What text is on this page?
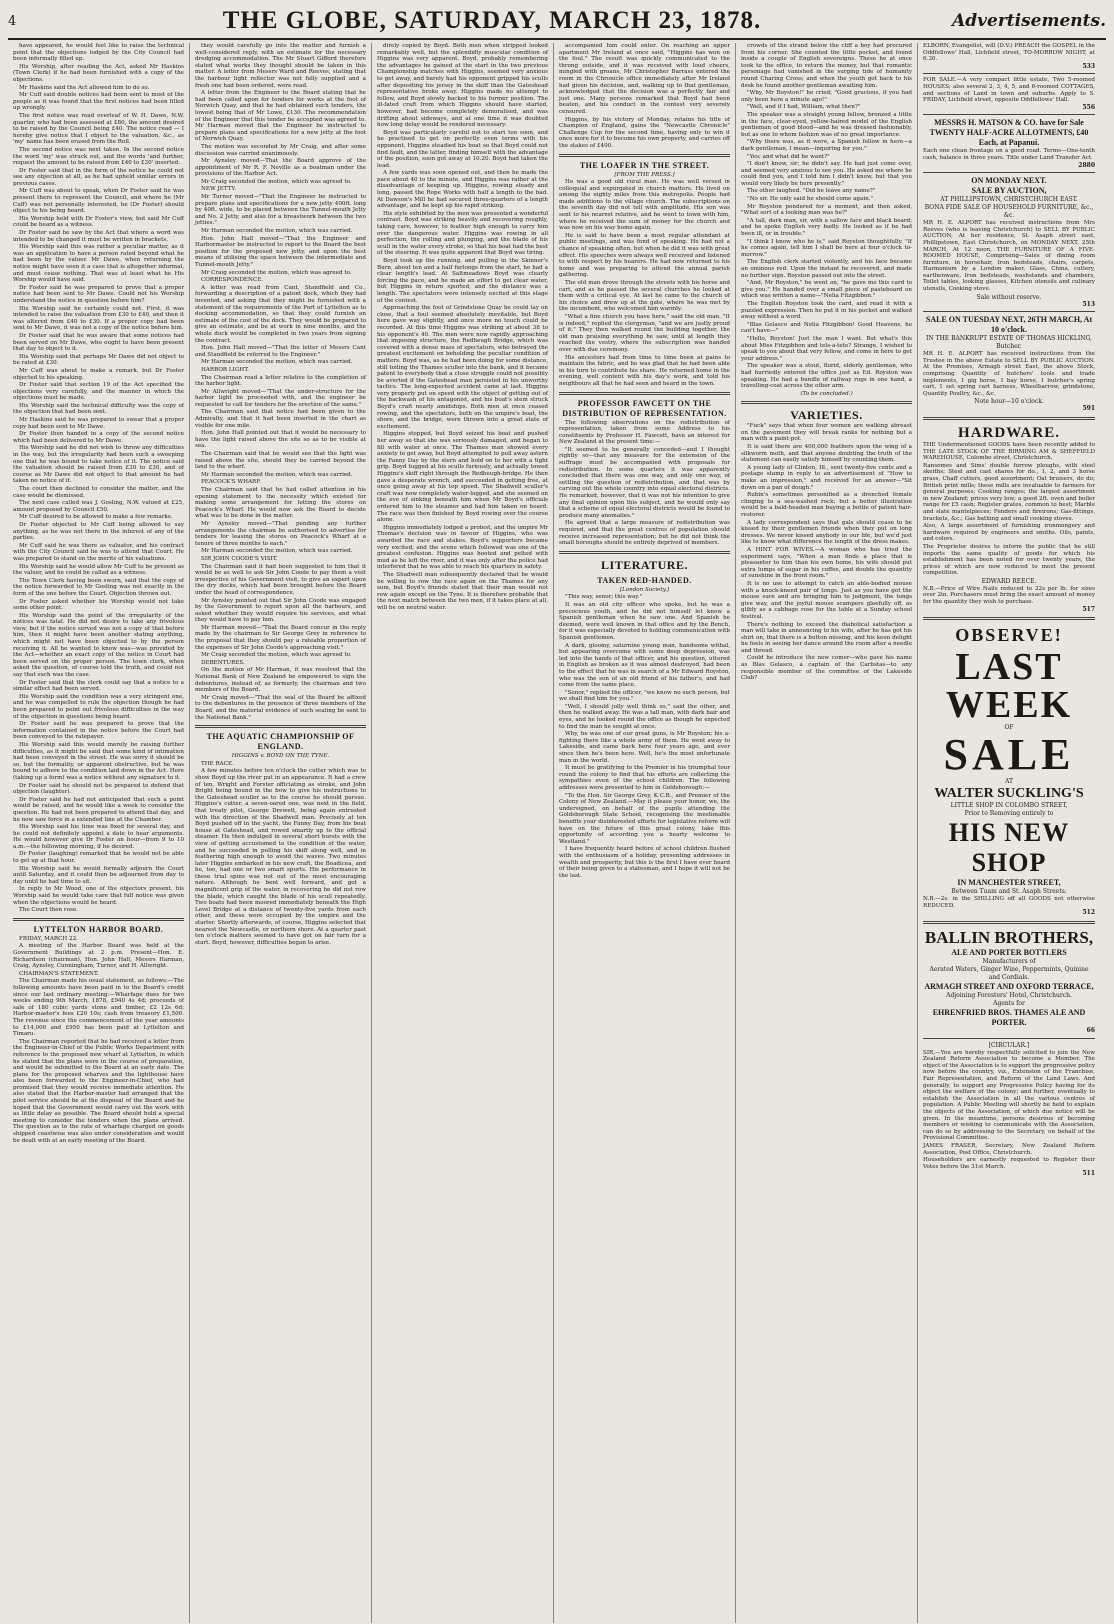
4	THE GLOBE, SATURDAY, MARCH 23, 1878.	Advertisements.

have appeared, he would feel like to raise the technical point that the objections lodged by the City Council had been informally filled up.

His Worship, after reading the Act, asked Mr Haskins (Town Clerk) if he had been furnished with a copy of the objections.

Mr Haskins said the Act allowed him to do so.

Mr Cuff said double notices had been sent to most of the people as it was found that the first notices had been filled up wrongly.

The first notice was read overleaf of W. H. Dawe, N.W. quarter, who had been assessed at £80, the amount desired to be raised by the Council being £40. The notice read — I hereby give notice that I object to the valuation, &c., as 'my' name has been erased from the Roll.

The second notice was next taken. In the second notice the word 'my' was struck out, and the words 'and further, request the amount to be raised from £40 to £30' inserted.

Dr Foster said that in the form of the notice he could not see any objection at all, as he had upheld similar errors in previous cases.

Mr Cuff was about to speak, when Dr Foster said he was present there to represent the Council, and where he (Mr Cuff) was not personally interested, he (Dr Foster) should object to his being heard.

His Worship held with Dr Foster's view, but said Mr Cuff could be heard as a witness.

Dr Foster said he saw by the Act that where a word was intended to be changed it must be written in brackets.

His Worship said this was rather a peculiar matter, as it was an application to have a person rated beyond what he had been by the valuer. Mr Dawe, when returning the notice might have seen it a case that is altogether informal, and must cease nothing. That was at least what he His Worship would have said.

Dr Foster said he was prepared to prove that a proper notice had been sent to Mr Dawe. Could not his Worship understand the notice in question before him?

His Worship said he certainly could not. First, it was intended to raise the valuation from £30 to £40, and then it was altered from £40 to £30. If a proper copy had been sent to Mr Dawe, it was not a copy of the notice before him.

Dr Foster said that he was aware that some notices had been served on Mr Dawe, who ought to have been present that day to object to it.

His Worship said that perhaps Mr Dawe did not object to be rated at £30.

Mr Cuff was about to make a remark, but Dr Foster objected to his speaking.

Dr Foster said that section 19 of the Act specified the objections very carefully, and the manner in which the objections must be made.

His Worship said the technical difficulty was the copy of the objection that had been sent.

Mr Haskins said he was prepared to swear that a proper copy had been sent to Mr Dawe.

Dr Foster then handed in a copy of the second notice which had been delivered to Mr Dawe.

His Worship said he did not wish to throw any difficulties in the way, but the irregularity had been such a sweeping one that he was bound to take notice of it. The notice said the valuation should be raised from £30 to £30, and of course as Mr Dawe did not object to that amount he had taken no notice of it.

The court then declined to consider the matter, and the case would be dismissed.

The next case called was J. Gosling, N.W. valued at £25, amount proposed by Council £50.

Mr Cuff desired to be allowed to make a few remarks.

Dr Foster objected to Mr Cuff being allowed to say anything, as he was not there in the interest of any of the parties.

Mr Cuff said he was there as valuator, and his contract with the City Council said he was to attend that Court. He was prepared to stand on the merits of his valuations.

His Worship said he would allow Mr Cuff to be present as the valuer, and he could be called as a witness.

The Town Clerk having been sworn, said that the copy of the notice forwarded to Mr Gosling was not exactly in the form of the one before the Court. Objection thrown out.

Dr Foster asked whether his Worship would not take some other point.

His Worship said the point of the irregularity of the notices was fatal. He did not desire to take any frivolous view, but if the notice served was not a copy of that before him, then it might have been another stating anything, which might not have been objected to by the person receiving it. All he wanted to know was—was provided by the Act—whether an exact copy of the notice in Court had been served on the proper person. The town clerk, when asked the question, of course told the truth, and could not say that such was the case.

Dr Foster said that the clerk could say that a notice to a similar effect had been served.

His Worship said the condition was a very stringent one, and he was compelled to rule the objection though he had been prepared to point out frivolous difficulties in the way of the objection in questions being heard.

Dr Foster said he was prepared to prove that the information contained in the notice before the Court had been conveyed to the ratepayer.

His Worship said this would merely be raising further difficulties, as it might be said that some kind of intimation had been conveyed in the street. He was sorry it should be so, but the formality, or apparent obstructive, but he was bound to adhere to the condition laid down in the Act. Here (taking up a form) was a notice without any signature to it.

Dr Foster said he should not be prepared to defend that objection (laughter).

Dr Foster said he had not anticipated that such a point would be raised, and he would like a week to consider the question. He had not been prepared to attend that day, and he now saw force in a extended line at the Chamber.

His Worship said his time was fixed for several day, and he could not definitely appoint a date to hear arguments. He would however give Dr Foster an hour—from 9 to 10 a.m.—the following morning, if he desired.

Dr Foster (laughing) remarked that he would not be able to get up at that hour.

His Worship said he would formally adjourn the Court until Saturday, and it could then be adjourned from day to day until he had time to sit.

In reply to Mr Wood, one of the objectors present, his Worship said he would take care that full notice was given when the objections would be heard.

The Court then rose.

LYTTELTON HARBOR BOARD.

FRIDAY, MARCH 22.

A meeting of the Harbor Board was held at the Government Buildings at 2 p.m. Present—Hon. E. Richardson (chairman), Hon. John Hall, Messrs Harman, Craig, Aynsley, Cunningham, Turner, and H. Allwright.

CHAIRMAN'S STATEMENT.

The Chairman made his usual statement, as follows:—The following amounts have been paid in to the Board's credit since our last ordinary meeting:—Wharfage dues for two weeks ending 9th March, 1878, £940 4s 4d; proceeds of sale of 180 cubic yards stone and timber, £2 12s 6d; Harbor-master's fees £20 10s; cash from treasury £1,500. The revenue since the commencement of the year amounts to £14,000 and £950 has been paid at Lyttelton and Timaru.

The Chairman reported that he had received a letter from the Engineer-in-Chief of the Public Works Department with reference to the proposed new wharf at Lyttelton, in which he stated that the plans were in the course of preparation, and would be submitted to the Board at an early date. The plans for the proposed wharves and the lighthouse have also been forwarded to the Engineer-in-Chief, who had promised that they would receive immediate attention. He also stated that the Harbor-master had arranged that the pilot service should be at the disposal of the Board and he hoped that the Government would carry out the work with as little delay as possible. The Board should hold a special meeting to consider the tenders when the plans arrived. The question as to the rate of wharfage charged on goods shipped coastwise was also under consideration and would be dealt with at an early meeting of the Board.

they would carefully go into the matter and furnish a well-considered reply, with an estimate for the necessary dredging accommodation. The Mr Stuart Gifford therefore stated what works they thought should be taken in this matter. A letter from Messrs Ward and Reeves, stating that the harbour light reflector was not fully supplied and a fresh one had been ordered, were read.

A letter from the Engineer to the Board stating that he had been called upon for tenders for works at the foot of Norwich Quay, and that he had obtained such tenders, the lowest being that of Mr Lowe, £130. The recommendation of the Engineer that this tender be accepted was agreed to. Mr Harman moved that the Engineer be instructed to prepare plans and specifications for a new jetty at the foot of Norwich Quay.

The motion was seconded by Mr Craig, and after some discussion was carried unanimously.

Mr Aynsley moved—That the Board approve of the appointment of Mr R. F. Neville as a boatman under the provisions of the Harbor Act.

Mr Craig seconded the motion, which was agreed to.

NEW JETTY.

Mr Turner moved—"That the Engineer be instructed to prepare plans and specifications for a new jetty 400ft. long by 40ft. wide, to be placed between the Tunnel-mouth Jetty and No. 2 Jetty, and also for a breastwork between the two jetties."

Mr Harman seconded the motion, which was carried.

Hon. John Hall moved—"That the Engineer and Harbormaster be instructed to report to the Board the best position for the proposed new jetty, and upon the best means of utilising the space between the intermediate and Tunnel-mouth Jetty."

Mr Craig seconded the motion, which was agreed to.

CORRESPONDENCE.

A letter was read from Cant, Standfield and Co., forwarding a description of a patent dock, which they had invented, and asking that they might be furnished with a statement of the requirements of the Port of Lyttelton as to docking accommodation, so that they could furnish an estimate of the cost of the dock. They would be prepared to give an estimate, and be at work in nine months, and the whole dock would be completed in two years from signing the contract.

Hon. John Hall moved—"That the letter of Messrs Cant and Standfield be referred to the Engineer."

Mr Harman seconded the motion, which was carried.

HARBOR LIGHT.

The Chairman read a letter relative to the completion of the harbor light.

Mr Allwright moved—"That the under-structure for the harbor light be proceeded with, and the engineer be requested to call for tenders for the erection of the same."

The Chairman said that notice had been given to the Admiralty, and that it had been inserted in the chart as visible for one mile.

Hon. John Hall pointed out that it would be necessary to have the light raised above the site so as to be visible at sea.

The Chairman said that he would see that the light was raised above the site, should they be carried beyond the land to the wharf.

Mr Harman seconded the motion, which was carried.

PEACOCK'S WHARF.

The Chairman said that he had called attention in his opening statement to the necessity which existed for making some arrangement for letting the stores on Peacock's Wharf. He would now ask the Board to decide what was to be done in the matter.

Mr Aynsley moved—"That pending any further arrangements the chairman be authorised to advertise for tenders for leasing the stores on Peacock's Wharf at a tenure of three months to each."

Mr Harman seconded the motion, which was carried.

SIR JOHN COODE'S VISIT.

The Chairman said it had been suggested to him that it would be as well to ask Sir John Coode to pay them a visit irrespective of his Government visit, to give an expert upon the dry docks, which had been brought before the Board under the head of correspondence.

Mr Aynsley pointed out that Sir John Coode was engaged by the Government to report upon all the harbours, and asked whether they would require his services, and what they would have to pay him.

Mr Harman moved—"That the Board concur in the reply made by the chairman to Sir George Grey in reference to the proposal that they should pay a rateable proportion of the expenses of Sir John Coode's approaching visit."

Mr Craig seconded the motion, which was agreed to.

DEBENTURES.

On the motion of Mr Harman, it was resolved that the National Bank of New Zealand be empowered to sign the debentures, instead of, as formerly, the chairman and two members of the Board.

Mr Craig moved—"That the seal of the Board be affixed to the debentures in the presence of three members of the Board, and the material evidence of such sealing be sent to the National Bank."

THE AQUATIC CHAMPIONSHIP OF ENGLAND.
HIGGINS v. BOYD ON THE TYNE.

THE RACE.

A few minutes before ten o'clock the cutter which was to show Boyd up the river put in an appearance. It had a crew of ten, Wright and Forster officiating as stroke, and John Bright being bound in the bow to give his instructions to the Gateshead sculler as to the course he should pursue. Higgins's cutter, a seven-oared one, was next in the field, that treaty pilot, George Drewett, being again entrusted with the direction of the Shadwell man. Precisely at ten Boyd pushed off in the yacht, the Fanny Day, from his boat house at Gateshead, and rowed smartly up to the official steamer. He then indulged in several short bursts with the view of getting accustomed to the condition of the water, and he succeeded in pulling his skiff along well, and in feathering high enough to avoid the waves. Two minutes later Higgins embarked in his new craft, the Boadicea, and he, too, had one or two smart spurts. His performance in these trial spins was not out of the most encouraging nature. Although he bent well forward, and got a magnificent grip of the water, in recovering he did not row the blade, which caught the blade of his scull repeatedly. Two boats had been moored immediately beneath the High Level Bridge at a distance of twenty-five yards from each other, and these were occupied by the umpire and the starter. Shortly afterwards, of course, Higgins selected that nearest the Newcastle, or northern shore. At a quarter past ten o'clock matters seemed to have got on fair turn for a start. Boyd, however, difficulties began to arise.

direly copied by Boyd. Both men when stripped looked remarkably well, but the splendidly muscular condition of Higgins was very apparent. Boyd, probably remembering the advantages he gained at the start in the two previous Championship matches with Higgins, seemed very anxious to get away, and barely had his opponent gripped his sculls after depositing his jersey in the skiff than the Gateshead representative broke away. Higgins made no attempt to follow, and Boyd slowly backed to his former position. The ill-fated craft from which Higgins should have started, however, had become completely demoralised, and was drifting about sideways, and at one time it was doubted how long delay would be rendered necessary.

Boyd was particularly careful not to start too soon, and he practised to get on perfectly even terms with his opponent. Higgins steadied his boat so that Boyd could not find fault, and the latter, finding himself with the advantage of the position, soon got away at 10.20. Boyd had taken the lead.

A few yards was soon opened out, and then he made the pace about 40 to the minute, and Higgins was rather at the disadvantage of keeping up. Higgins, rowing steady and long, passed the Rope Works with half a length to the bad. At Dawson's Mill he had secured three-quarters of a length advantage, and he kept up his rapid striking.

His style exhibited by the men was presented a wonderful contrast. Boyd was striking heavily and recovering roughly, taking care, however, to feather high enough to carry him over the dangerous water. Higgins was rowing in all perfection, the rolling and plunging, and the blade of his scull in the water every stroke, so that his boat had the best of the steering. It was quite apparent that Boyd was tiring.

Boyd took up the running, and pulling in the Skinner's Burn, about ten and a half furlongs from the start, he had a clear length's lead. At Saltmeadows Boyd was clearly forcing the pace, and he made an effort to get clear water, but Higgins in return spurted, and the distance was a length. The spectators were intensely excited at this stage of the contest.

Approaching the foot of Grindstone Quay he could lay on close, that a foul seemed absolutely inevitable, but Boyd here gave way slightly, and once more no touch could be recorded. At this time Higgins was striking at about 38 to his opponent's 40. The men were now rapidly approaching that imposing structure, the Redheugh Bridge, which was covered with a dense mass of spectators, who betrayed the greatest excitement on beholding the peculiar condition of matters. Boyd was, as he had been doing for some distance, still toiling the Thames sculler into the bank, and it became patent to everybody that a close struggle could not possibly be averted if the Gateshead man persisted in his unworthy tactics. The long-expected accident came at last. Higgins very properly put on speed with the object of getting out of the backwash of his antagonist, and his boat's stem struck Boyd's craft nearly amidships. Both men at once ceased rowing, and the spectators, both on the umpire's boat, the shore, and the bridge, were thrown into a great state of excitement.

Higgins stopped, but Boyd seized his boat and pushed her away so that she was seriously damaged, and began to fill with water at once. The Thames man showed every anxiety to get away, but Boyd attempted to pull away astern the Fanny Day by the stern and hold on to her with a tight grip. Boyd tugged at his sculls furiously, and actually towed Higgins's skiff right through the Redheugh-bridge. He then gave a desperate wrench, and succeeded in getting free, at once going away at his top speed. The Shadwell sculler's craft was now completely water-logged, and she seemed on the eve of sinking beneath him when Mr Boyd's officials ordered him to the steamer and had him taken on board. The race was then finished by Boyd rowing over the course alone.

Higgins immediately lodged a protest, and the umpire Mr Thomas's decision was in favour of Higgins, who was awarded the race and stakes. Boyd's supporters became very excited, and the scene which followed was one of the greatest confusion. Higgins was hooted and pelted with mud as he left the river, and it was only after the police had interfered that he was able to reach his quarters in safety.

The Shadwell man subsequently declared that he would be willing to row the race again on the Thames for any sum, but Boyd's friends stated that their man would not row again except on the Tyne. It is therefore probable that the next match between the two men, if it takes place at all, will be on neutral water.

accompanied him could enter. On reaching an upper apartment Mr Ireland at once said, "Higgins has won on the foul." The result was quickly communicated to the throng outside, and it was received with loud cheers, mingled with groans, Mr Christopher Barrass entered the room in the Chronicle office immediately after Mr Ireland had given his decision, and, walking up to that gentleman, acknowledged that the decision was a perfectly fair and just one. Many persons remarked that Boyd had been beaten, and his conduct in the contest very severely censured.

Higgins, by his victory of Monday, retains his title of Champion of England, gains the "Newcastle Chronicle" Challenge Cup for the second time, having only to win it once more for it to become his own property, and carries off the stakes of £400.

THE LOAFER IN THE STREET.
[FROM THE PRESS.]

He was a good old rural man. He was well versed in colloquial and expurgated in church matters. He lived on among the eighty miles from this metropolis. People had made additions to the village church. The subscriptions on the seventh day did not tell with amplitude. His son was sent to his nearest relative, and he went to town with him, where he received the sum of money for the church and was now on his way home again.

He is said to have been a most regular attendant at public meetings, and was fond of speaking. He had not a chance of speaking often, but when he did it was with great effect. His speeches were always well received and listened to with respect by his hearers. He had now returned to his home and was preparing to attend the annual parish gathering.

The old man drove through the streets with his horse and cart, and as he passed the several churches he looked at them with a critical eye. At last he came to the church of his choice and drew up at the gate, where he was met by the incumbent, who welcomed him warmly.

"What a fine church you have here," said the old man. "It is indeed," replied the clergyman, "and we are justly proud of it." They then walked round the building together, the old man praising everything he saw, until at length they reached the vestry, where the subscription was handed over with due ceremony.

His ancestors had from time to time been at pains to maintain the fabric, and he was glad that he had been able in his turn to contribute his share. He returned home in the evening, well content with his day's work, and told his neighbours all that he had seen and heard in the town.

PROFESSOR FAWCETT ON THE DISTRIBUTION OF REPRESENTATION.

The following observations on the redistribution of representation, taken from some Address to his constituents by Professor H. Fawcett, have an interest for New Zealand at the present time:—

"It seemed to be generally conceded—and I thought rightly so—that any measure for the extension of the suffrage must be accompanied with proposals for redistribution. In some quarters it was apparently concluded that there was one way, and only one way, of settling the question of redistribution, and that was by carving out the whole country into equal electoral districts. He remarked, however, that it was not his intention to give any final opinion upon this subject, and he would only say that a scheme of equal electoral districts would be found to produce many anomalies."

He agreed that a large measure of redistribution was required, and that the great centres of population should receive increased representation; but he did not think the small boroughs should be entirely deprived of members.

LITERATURE.
TAKEN RED-HANDED.
[London Society.]

"This way, senor; this way."

It was an old city officer who spoke, but he was a precocious youth, and he did not himself let know a Spanish gentleman when he saw one. And Spanish he deemed, were well known in that office and by the Bench, for it was especially devoted to holding communication with Spanish gentlemen.

A dark, gloomy, saturnine young man, handsome withal, but appearing overcome with some deep depression, was led into the hands of that officer, and his question, uttered in English as broken as it was almost destroyed, had been to the effect that he was in search of a Mr Edward Royston, who was the son of an old friend of his father's, and had come from the same place.

"Senor," replied the officer, "we know no such person, but we shall find him for you."

"Well, I should jolly well think so," said the other, and then he walked away. He was a tall man, with dark hair and eyes, and he looked round the office as though he expected to find the man he sought at once.

Why, he was one of our great guns, is Mr Royston; his a-fighting there like a whole army of them. He went away to Lakeside, and came back here four years ago, and ever since then he's been here. Well, he's the most unfortunate man in the world.

It must be gratifying to the Premier in his triumphal tour round the colony to find that his efforts are collecting the sympathies even of the school children. The following addresses were presented to him in Goldsborough:—

"To the Hon. Sir George Grey, K.C.B., and Premier of the Colony of New Zealand.—May it please your honor, we, the undersigned, on behalf of the pupils attending the Goldsborough State School, recognising the inestimable benefits your disinterested efforts for legislative reform will have on the future of this great colony, take this opportunity of according you a hearty welcome to Westland."

I have frequently heard before of school children flushed with the enthusiasm of a holiday, presenting addresses in wealth and prosperity, but this is the first I have ever heard of their being given to a statesman, and I hope it will not be the last.

crowds of the strand below the cliff a boy had procured from his corner. She counted the little pocket, and found inside a couple of English sovereigns. These he at once took to the office, to return the money, but that romantic personage had vanished in the surging tide of humanity round Charing Cross; and when the youth got back to his desk he found another gentleman awaiting him.

"Why, Mr Royston!" he cried; "Good gracious, if you had only been here a minute ago!"

"Well, and if I had, William, what then?"

The speaker was a straight young fellow, bronzed a little in the face, clear-eyed, yellow-haired model of the English gentleman of good blood—and he was dressed fashionably, but as one to whom fashion was of no great importance.

"Why there was, as it were, a Spanish fellow in here—a dark gentleman, I mean—inquiring for you."

"Yes; and what did he want?"

"I don't know, sir; he didn't say. He had just come over, and seemed very anxious to see you. He asked me where he could find you, and I told him I didn't know, but that you would very likely be here presently."

The other laughed. "Did he leave any name?"

"No sir. He only said he should come again."

Mr Royston pondered for a moment, and then asked, "What sort of a looking man was he?"

"A tall, dark man, sir, with a sallow face and black beard; and he spoke English very badly. He looked as if he had been ill, or in trouble."

"I think I know who he is," said Royston thoughtfully. "If he comes again, tell him I shall be here at four o'clock to-morrow."

The English clerk started violently, and his face became an ominous red. Upon the instant he recovered, and made no further sign. Royston passed out into the street.

"And, Mr Royston," he went on, "he gave me this card to give you." He handed over a small piece of pasteboard on which was written a name—"Nelia Fitzgibbon."

The English Royston took the card, and read it with a puzzled expression. Then he put it in his pocket and walked away without a word.

"Blas Gelasco and Nelia Fitzgibbon! Good Heavens, he can't have—"

"Hello, Royston! Just the man I want. But what's this about Miss Fitzgibbon and tels-a-tete? Strange, I wished to speak to you about that very fellow, and come in here to get your address."

The speaker was a stout, florid, elderly gentleman, who had hurriedly entered the office just as Ed. Royston was speaking. He had a bundle of railway rugs in one hand, a travelling-coat across the other arm.

(To be concluded.)
VARIETIES.

"Fuck" says that when four women are walking abreast on the pavement they will break ranks for nothing but a man with a paint-pot.

It is said there are 400,000 feathers upon the wing of a silkworm moth, and that anyone doubting the truth of the statement can easily satisfy himself by counting them.

A young lady of Clinton, Ill., sent twenty-five cents and a postage stamp in reply to an advertisement of "How to make an impression," and received for an answer—"Sit down on a pan of dough."

Rubin's sometimes personified as a drenched female clinging to a sea-washed rock; but a better illustration would be a bald-headed man buying a bottle of patent hair-restorer.

A lady correspondent says that gals should cease to be kissed by their gentlemen friends when they put on long dresses. We never kissed anybody in our life, but we'd just like to know what difference the length of the dress makes.

A HINT FOR WIVES.—A woman who has tried the experiment says, "When a man finds a place that is pleasanter to him than his own home, his wife should put extra lumps of sugar in his coffee, and double the quantity of sunshine in the front room."

It is no use to attempt to catch an able-bodied mouse with a knock-kneed pair of tongs. Just as you have got the mouse sure and are bringing him to judgment, the tongs give way, and the joyful mouse scampers gleefully off, as glibly as a cabbage rose for the table at a Sunday school festival.

There's nothing to exceed the diabolical satisfaction a man will take in announcing to his wife, after he has got his shirt on, that there is a button missing, and his keen delight he feels in seeing her dance around the room after a needle and thread.

Could he introduce the new comer—who gave his name as Blas Gelasco, a captain of the Carlistas—to any responsible member of the committee of the Lakeside Club?

ELBORN, Evangelist, will (D.V.) PREACH the GOSPEL in the Oddfellows' Hall, Lichfield street, TO-MORROW NIGHT, at 6.30.

533

FOR SALE.—A very compact little estate, Two 5-roomed HOUSES; also several 2, 3, 4, 5, and 6-roomed COTTAGES, and sections of Land in town and suburbs. Apply to S. FRIDAY, Lichfield street, opposite Oddfellows' Hall.

556
MESSRS H. MATSON & CO. have for Sale TWENTY HALF-ACRE ALLOTMENTS, £40 Each, at Papanui.

Each one clean frontage on a good road. Terms—One-tenth cash, balance in three years. Title under Land Transfer Act.

2880
ON MONDAY NEXT.
SALE BY AUCTION,
AT PHILLIPSTOWN, CHRISTCHURCH EAST.
BONA FIDE SALE OF HOUSEHOLD FURNITURE, &c., &c.

MR H. E. ALPORT has received instructions from Mrs Reeves (who is leaving Christchurch) to SELL BY PUBLIC AUCTION, At her residence, St. Asaph street east, Phillipstown, East Christchurch, on MONDAY NEXT, 25th MARCH, At 12 noon, THE FURNITURE OF A FIVE-ROOMED HOUSE, Comprising—Sales of dining room furniture, in horsehair, Iron bedsteads, chairs, carpets, Harmonium by a London maker, Glass, China, cutlery, earthenware, Iron bedsteads, washstands and chambers, Toilet tables, looking glasses, Kitchen utensils and culinary utensils, Cooking stove.

Sale without reserve.
513
SALE ON TUESDAY NEXT, 26TH MARCH, At 10 o'clock.
IN THE BANKRUPT ESTATE OF THOMAS HICKLING, Butcher.

MR H. E. ALPORT has received instructions from the Trustee in the above Estate to SELL BY PUBLIC AUCTION. At the Premises, Armagh street East, the above Stock, comprising Quantity of butchers' tools and trade implements, 1 gig horse, 1 bay horse, 1 butcher's spring cart, 1 set spring cart harness, Wheelbarrow, grindstone, Quantity Poultry, &c., &c.

Note hour—10 o'clock.
591
HARDWARE.

THE Undermentioned GOODS have been recently added to THE LATE STOCK OF THE BIRMING AM & SHEFFIELD WAREHOUSE, Colombo street, Christchurch.

Ransomes and Sims' double furrow ploughs, with steel skeiths; Steel and cast shares for do., 1, 2, and 3 horse grass, Chaff cutters, good assortment; Oat bruisers, do do; British print mills; these mills are invaluable to farmers for general purposes; Cooking ranges; the largest assortment in new Zealand; prices very low; a good 2ft. oven and boiler range for £5 cash; Register grates, common to best; Marble and slate mantelpieces; Fenders and fireirons; Gas-fittings, brackets, &c.; Gas bathing and small cooking stoves.

Also, A large assortment of furnishing ironmongery and hardware required by engineers and smiths. Oils, paints, and colors.

The Proprietor desires to inform the public that he still imports the same quality of goods for which his establishment has been noted for over twenty years, the prices of which are now reduced to meet the present competition.

EDWARD REECE.

N.B.—Price of Wire Nails reduced to 22s per lb. for sizes over 2in. Purchasers must bring the exact amount of money for the quantity they wish to purchase.

517
OBSERVE!
LAST WEEK
OF
SALE
AT
WALTER SUCKLING'S
LITTLE SHOP IN COLOMBO STREET,
Prior to Removing entirely to
HIS NEW SHOP
IN MANCHESTER STREET,
Between Tuam and St. Asaph Streets.

N.B.—2s. in the SHILLING off all GOODS not otherwise REDUCED.

512
BALLIN BROTHERS,
ALE AND PORTER BOTTLERS
Manufacturers of
Aerated Waters, Ginger Wine, Peppermints, Quinine and Cordials.
ARMAGH STREET AND OXFORD TERRACE,
Adjoining Foresters' Hotel, Christchurch.
Agents for
EHRENFRIED BROS. THAMES ALE AND PORTER.
66
[CIRCULAR.]

SIR,—You are hereby respectfully solicited to join the New Zealand Reform Association to become a Member. The object of the Association is to support the progressive policy now before the country, viz., Extension of the Franchise, Fair Representation, and Reform of the Land Laws. And generally, to support any Progressive Policy having for its object the welfare of the colony; and further, eventually to establish the Association in all the various centres of population. A Public Meeting will shortly be held to explain the objects of the Association, of which due notice will be given. In the meantime, persons desirous of becoming members or wishing to communicate with the Association, can do so by addressing to the Secretary, on behalf of the Provisional Committee.

JAMES FRASER, Secretary, New Zealand Reform Association, Post Office, Christchurch.

Householders are earnestly requested to Register their Votes before the 31st March.

511
